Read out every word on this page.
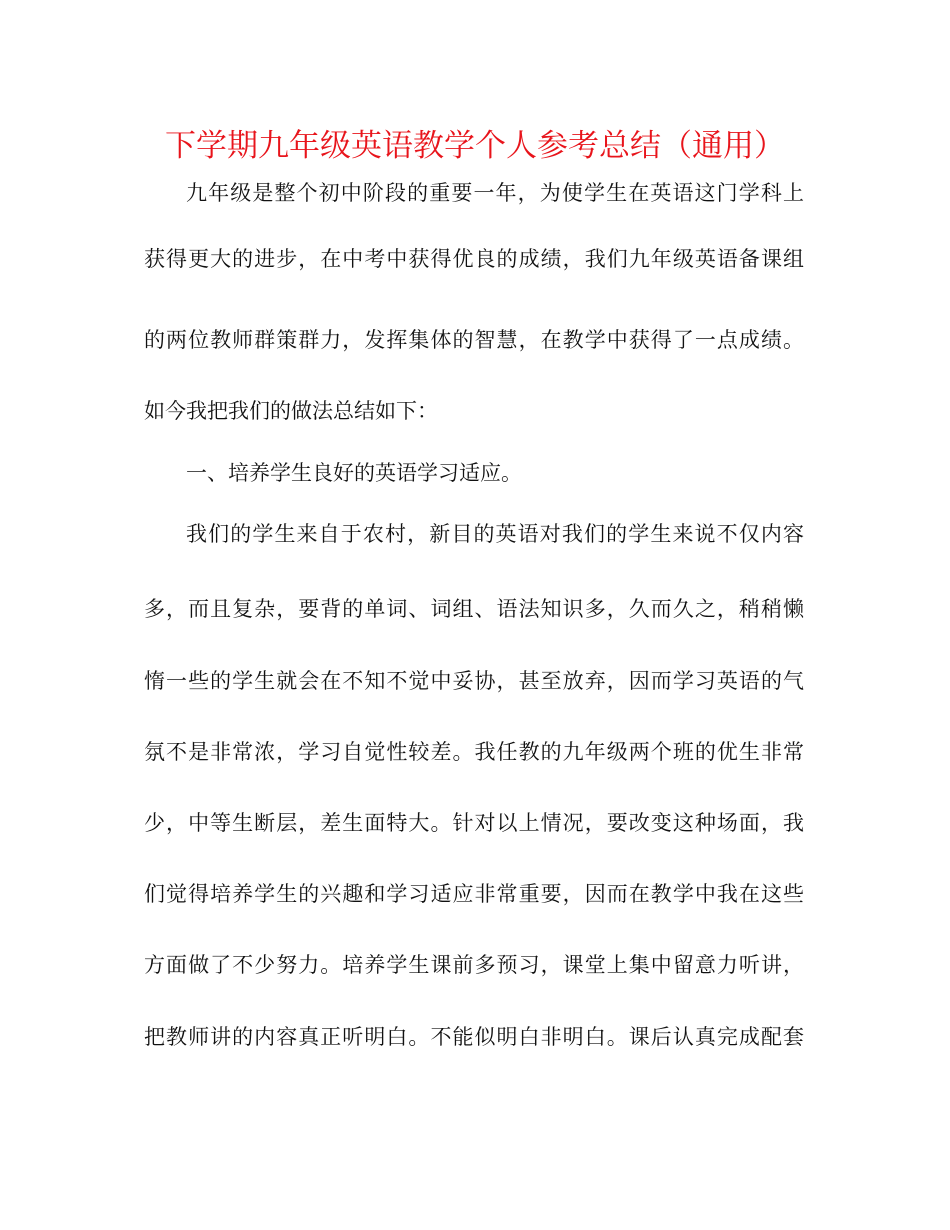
下学期九年级英语教学个人参考总结（通用）
九年级是整个初中阶段的重要一年，为使学生在英语这门学科上
获得更大的进步，在中考中获得优良的成绩，我们九年级英语备课组
的两位教师群策群力，发挥集体的智慧，在教学中获得了一点成绩。
如今我把我们的做法总结如下：
一、培养学生良好的英语学习适应。
我们的学生来自于农村，新目的英语对我们的学生来说不仅内容
多，而且复杂，要背的单词、词组、语法知识多，久而久之，稍稍懒
惰一些的学生就会在不知不觉中妥协，甚至放弃，因而学习英语的气
氛不是非常浓，学习自觉性较差。我任教的九年级两个班的优生非常
少，中等生断层，差生面特大。针对以上情况，要改变这种场面，我
们觉得培养学生的兴趣和学习适应非常重要，因而在教学中我在这些
方面做了不少努力。培养学生课前多预习，课堂上集中留意力听讲，
把教师讲的内容真正听明白。不能似明白非明白。课后认真完成配套
